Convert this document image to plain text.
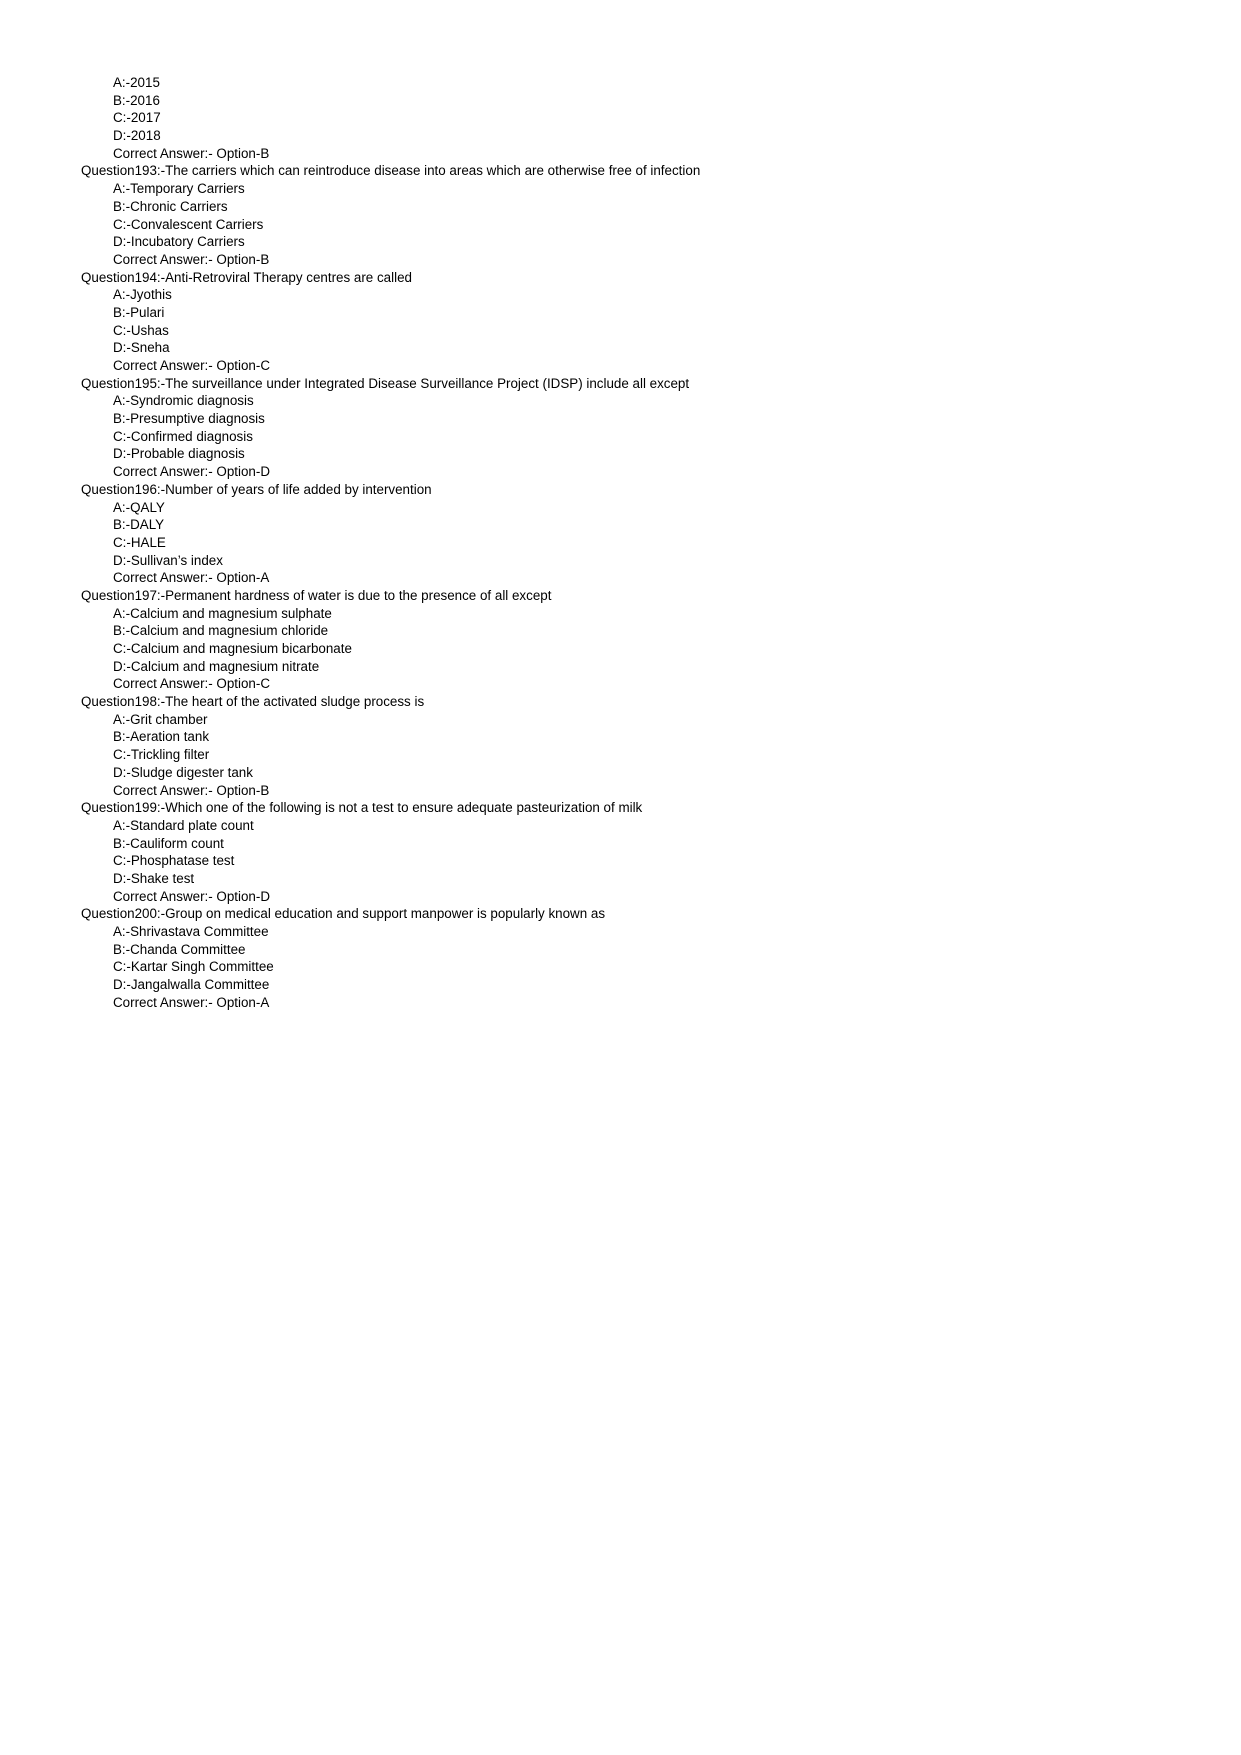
A:-2015
B:-2016
C:-2017
D:-2018
Correct Answer:- Option-B
Question193:-The carriers which can reintroduce disease into areas which are otherwise free of infection
A:-Temporary Carriers
B:-Chronic Carriers
C:-Convalescent Carriers
D:-Incubatory Carriers
Correct Answer:- Option-B
Question194:-Anti-Retroviral Therapy centres are called
A:-Jyothis
B:-Pulari
C:-Ushas
D:-Sneha
Correct Answer:- Option-C
Question195:-The surveillance under Integrated Disease Surveillance Project (IDSP) include all except
A:-Syndromic diagnosis
B:-Presumptive diagnosis
C:-Confirmed diagnosis
D:-Probable diagnosis
Correct Answer:- Option-D
Question196:-Number of years of life added by intervention
A:-QALY
B:-DALY
C:-HALE
D:-Sullivan’s index
Correct Answer:- Option-A
Question197:-Permanent hardness of water is due to the presence of all except
A:-Calcium and magnesium sulphate
B:-Calcium and magnesium chloride
C:-Calcium and magnesium bicarbonate
D:-Calcium and magnesium nitrate
Correct Answer:- Option-C
Question198:-The heart of the activated sludge process is
A:-Grit chamber
B:-Aeration tank
C:-Trickling filter
D:-Sludge digester tank
Correct Answer:- Option-B
Question199:-Which one of the following is not a test to ensure adequate pasteurization of milk
A:-Standard plate count
B:-Cauliform count
C:-Phosphatase test
D:-Shake test
Correct Answer:- Option-D
Question200:-Group on medical education and support manpower is popularly known as
A:-Shrivastava Committee
B:-Chanda Committee
C:-Kartar Singh Committee
D:-Jangalwalla Committee
Correct Answer:- Option-A
